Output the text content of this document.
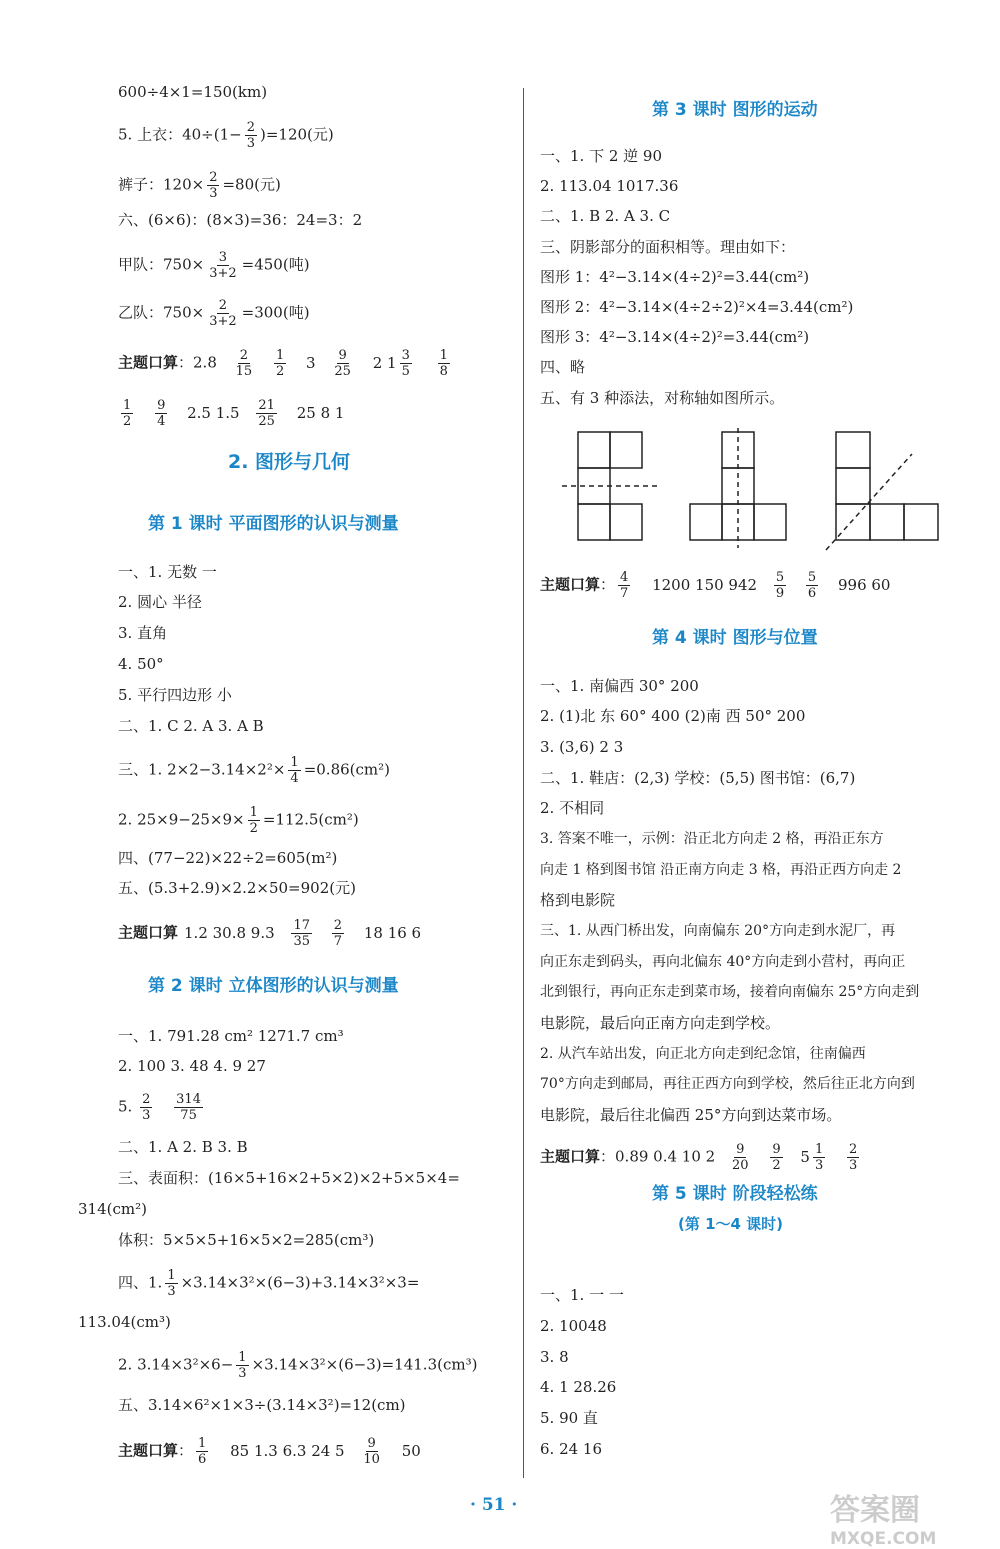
600÷4×1=150(km)
5. 上衣：$40\div(1- \frac{2}{3} )=120$(元)
裤子：$120\times \frac{2}{3} =80$(元)
六、(6×6)：(8×3)=36：24=3：2
甲队：$750\times \frac{3}{3+2} =450$(吨)
乙队：$750\times \frac{2}{3+2} =300$(吨)
主题口算：$2.8 \frac{2}{15}$
$\frac{1}{2} 3 \frac{9}{25} 2$ $1 \frac{3}{5}$
$\frac{1}{8}$
$\frac{1}{2}$
$\frac{9}{4} 2.5$ $1.5 \frac{21}{25} 25$ 8 1
2. 图形与几何
第 1 课时 平面图形的认识与测量
一、1. 无数 一
2. 圆心 半径
3. 直角
4. 50°
5. 平行四边形 小
二、1. C 2. A 3. A B
三、1. $2\times 2-3.14\times 2^2\times \frac{1}{4} =0.86(cm^2)$
2. $25\times 9-25\times 9\times \frac{1}{2} =112.5(cm^2)$
四、(77−22)×22÷2=605(m²)
五、(5.3+2.9)×2.2×50=902(元)
主题口算 1.2 30.8 $9.3 \frac{17}{35}$
$\frac{2}{7} 18$ 16 6
第 2 课时 立体图形的认识与测量
一、1. 791.28 cm² 1271.7 cm³
2. 100 3. 48 4. 9 27
5. $\frac{2}{3}$
$\frac{314}{75}$
二、1. A 2. B 3. B
三、表面积：(16×5+16×2+5×2)×2+5×5×4=
314(cm²)
体积：5×5×5+16×5×2=285(cm³)
四、1. $\frac{1}{3} \times 3.14\times 3^2\times(6-3)+3.14\times 3^2\times 3=$
113.04(cm³)
2. $3.14\times 3^2\times 6- \frac{1}{3} \times 3.14\times 3^2\times(6-3)=141.3(cm^3)$
五、3.14×6²×1×3÷(3.14×3²)=12(cm)
主题口算： $\frac{1}{6} 85$ 1.3 6.3 24 $5 \frac{9}{10} 50$
第 3 课时 图形的运动
一、1. 下 2 逆 90
2. 113.04 1017.36
二、1. B 2. A 3. C
三、阴影部分的面积相等。理由如下：
图形 1：4²−3.14×(4÷2)²=3.44(cm²)
图形 2：4²−3.14×(4÷2÷2)²×4=3.44(cm²)
图形 3：4²−3.14×(4÷2)²=3.44(cm²)
四、略
五、有 3 种添法，对称轴如图所示。
主题口算： $\frac{4}{7} 1200$ 150 $942 \frac{5}{9}$
$\frac{5}{6} 996$ 60
第 4 课时 图形与位置
一、1. 南偏西 30° 200
2. (1)北 东 60° 400 (2)南 西 50° 200
3. (3,6) 2 3
二、1. 鞋店：(2,3) 学校：(5,5) 图书馆：(6,7)
2. 不相同
3. 答案不唯一，示例：沿正北方向走 2 格，再沿正东方
向走 1 格到图书馆 沿正南方向走 3 格，再沿正西方向走 2
格到电影院
三、1. 从西门桥出发，向南偏东 20°方向走到水泥厂，再
向正东走到码头，再向北偏东 40°方向走到小营村，再向正
北到银行，再向正东走到菜市场，接着向南偏东 25°方向走到
电影院，最后向正南方向走到学校。
2. 从汽车站出发，向正北方向走到纪念馆，往南偏西
70°方向走到邮局，再往正西方向到学校，然后往正北方向到
电影院，最后往北偏西 25°方向到达菜市场。
主题口算：0.89 0.4 10 $2 \frac{9}{20}$
$\frac{9}{2} 5 \frac{1}{3}$
$\frac{2}{3}$
第 5 课时 阶段轻松练
(第 1～4 课时)
一、1. 一 一
2. 10048
3. 8
4. 1 28.26
5. 90 直
6. 24 16
· 51 ·	答案圈
MXQE.COM
